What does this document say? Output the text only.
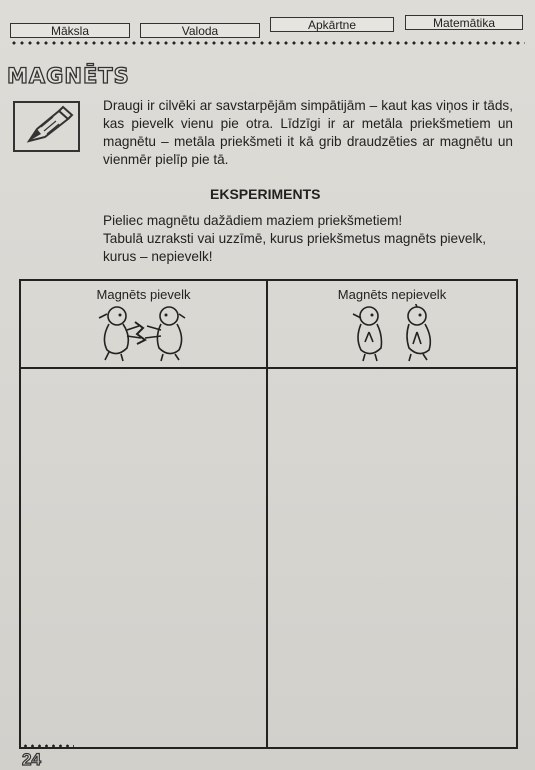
Māksla	Valoda	Apkārtne	Matemātika
MAGNĒTS
Draugi ir cilvēki ar savstarpējām simpātijām – kaut kas viņos ir tāds, kas pievelk vienu pie otra. Līdzīgi ir ar metāla priekšmetiem un magnētu – metāla priekšmeti it kā grib draudzēties ar magnētu un vienmēr pielīp pie tā.
EKSPERIMENTS
Pieliec magnētu dažādiem maziem priekšmetiem!
Tabulā uzraksti vai uzzīmē, kurus priekšmetus magnēts pievelk, kurus – nepievelk!
Magnēts pievelk	Magnēts nepievelk
24
